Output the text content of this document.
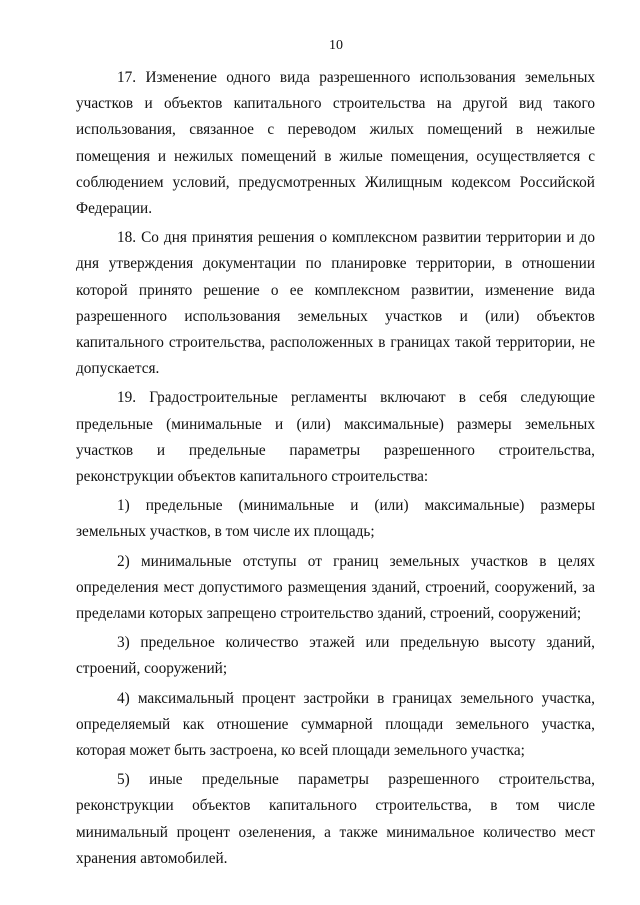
10

17. Изменение одного вида разрешенного использования земельных участков и объектов капитального строительства на другой вид такого использования, связанное с переводом жилых помещений в нежилые помещения и нежилых помещений в жилые помещения, осуществляется с соблюдением условий, предусмотренных Жилищным кодексом Российской Федерации.

18. Со дня принятия решения о комплексном развитии территории и до дня утверждения документации по планировке территории, в отношении которой принято решение о ее комплексном развитии, изменение вида разрешенного использования земельных участков и (или) объектов капитального строительства, расположенных в границах такой территории, не допускается.

19. Градостроительные регламенты включают в себя следующие предельные (минимальные и (или) максимальные) размеры земельных участков и предельные параметры разрешенного строительства, реконструкции объектов капитального строительства:

1) предельные (минимальные и (или) максимальные) размеры земельных участков, в том числе их площадь;

2) минимальные отступы от границ земельных участков в целях определения мест допустимого размещения зданий, строений, сооружений, за пределами которых запрещено строительство зданий, строений, сооружений;

3) предельное количество этажей или предельную высоту зданий, строений, сооружений;

4) максимальный процент застройки в границах земельного участка, определяемый как отношение суммарной площади земельного участка, которая может быть застроена, ко всей площади земельного участка;

5) иные предельные параметры разрешенного строительства, реконструкции объектов капитального строительства, в том числе минимальный процент озеленения, а также минимальное количество мест хранения автомобилей.
